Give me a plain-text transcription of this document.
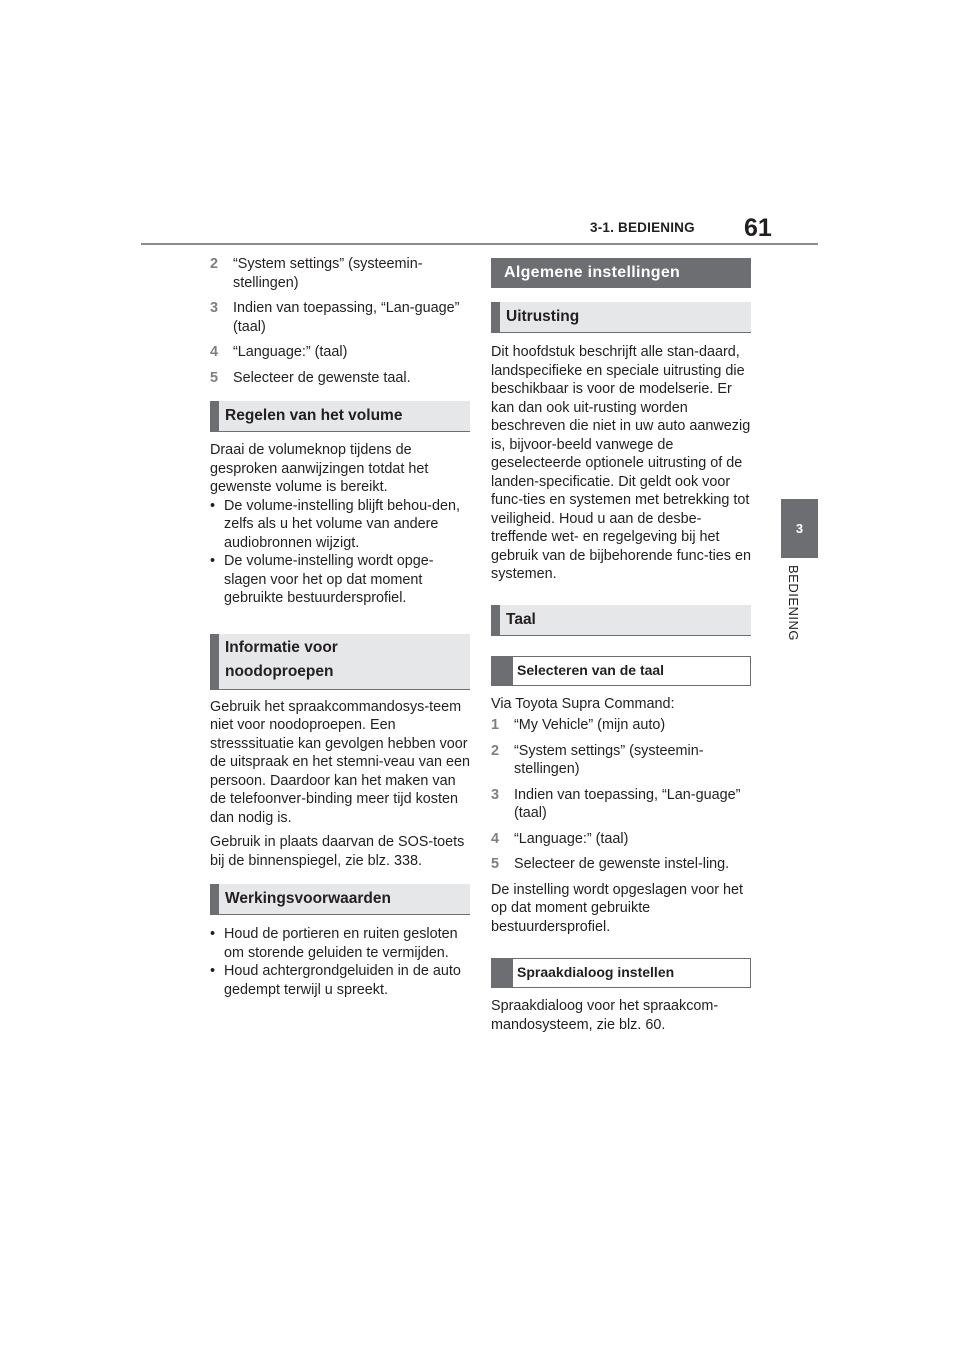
3-1. BEDIENING 61
3
BEDIENING
2	“System settings” (systeemin-stellingen)
3	Indien van toepassing, “Lan-guage” (taal)
4	“Language:” (taal)
5	Selecteer de gewenste taal.
Regelen van het volume

Draai de volumeknop tijdens de gesproken aanwijzingen totdat het gewenste volume is bereikt.

• De volume-instelling blijft behou-den, zelfs als u het volume van andere audiobronnen wijzigt.
• De volume-instelling wordt opge-slagen voor het op dat moment gebruikte bestuurdersprofiel.
Informatie voor
noodoproepen

Gebruik het spraakcommandosys-teem niet voor noodoproepen. Een stresssituatie kan gevolgen hebben voor de uitspraak en het stemni-veau van een persoon. Daardoor kan het maken van de telefoonver-binding meer tijd kosten dan nodig is.

Gebruik in plaats daarvan de SOS-toets bij de binnenspiegel, zie blz. 338.

Werkingsvoorwaarden
• Houd de portieren en ruiten gesloten om storende geluiden te vermijden.
• Houd achtergrondgeluiden in de auto gedempt terwijl u spreekt.
Algemene instellingen
Uitrusting

Dit hoofdstuk beschrijft alle stan-daard, landspecifieke en speciale uitrusting die beschikbaar is voor de modelserie. Er kan dan ook uit-rusting worden beschreven die niet in uw auto aanwezig is, bijvoor-beeld vanwege de geselecteerde optionele uitrusting of de landen-specificatie. Dit geldt ook voor func-ties en systemen met betrekking tot veiligheid. Houd u aan de desbe-treffende wet- en regelgeving bij het gebruik van de bijbehorende func-ties en systemen.

Taal
Selecteren van de taal

Via Toyota Supra Command:

1	“My Vehicle” (mijn auto)
2	“System settings” (systeemin-stellingen)
3	Indien van toepassing, “Lan-guage” (taal)
4	“Language:” (taal)
5	Selecteer de gewenste instel-ling.

De instelling wordt opgeslagen voor het op dat moment gebruikte bestuurdersprofiel.

Spraakdialoog instellen

Spraakdialoog voor het spraakcom-mandosysteem, zie blz. 60.
